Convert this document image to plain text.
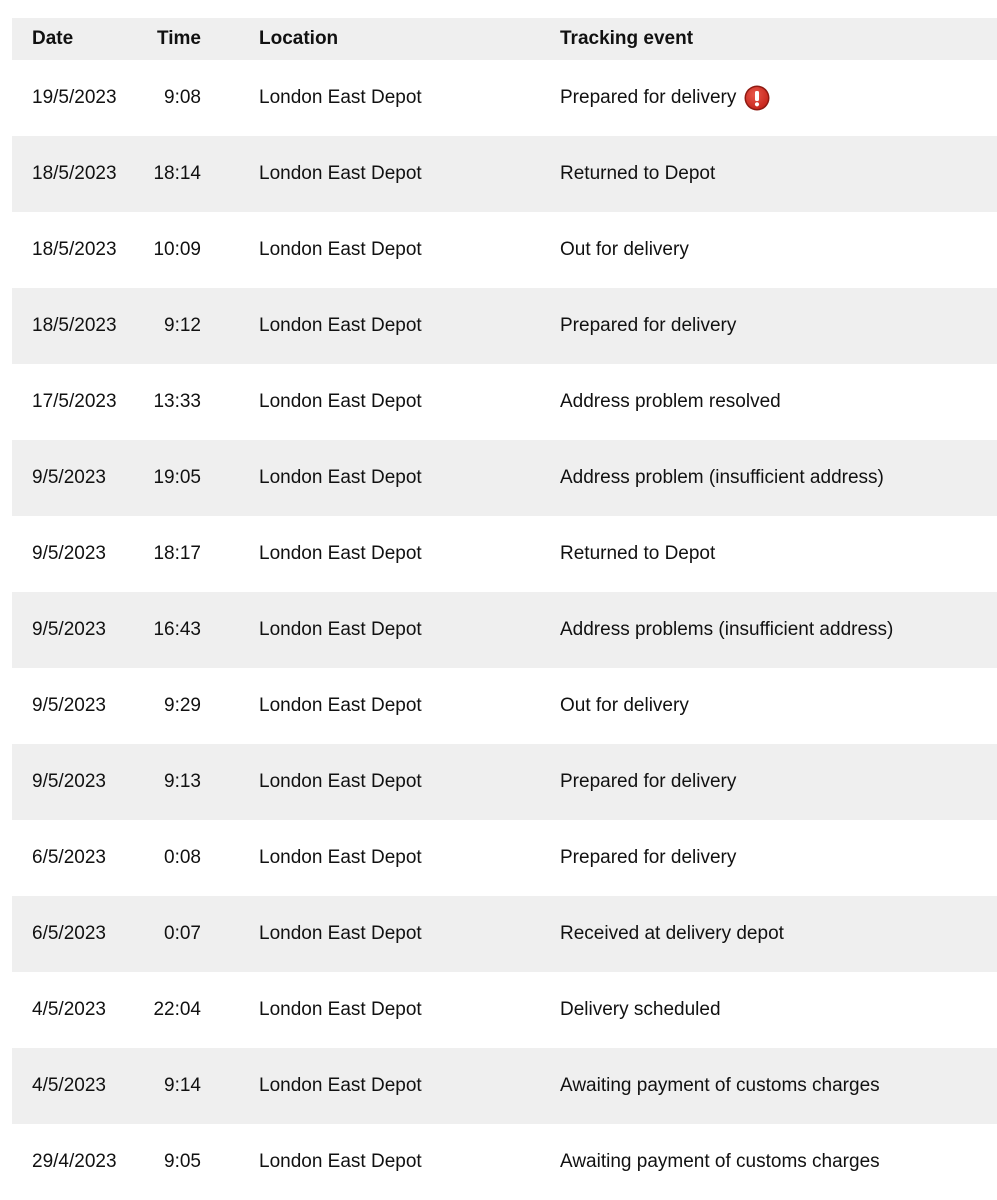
Date	Time	Location	Tracking event
19/5/2023	9:08	London East Depot	Prepared for delivery
18/5/2023	18:14	London East Depot	Returned to Depot
18/5/2023	10:09	London East Depot	Out for delivery
18/5/2023	9:12	London East Depot	Prepared for delivery
17/5/2023	13:33	London East Depot	Address problem resolved
9/5/2023	19:05	London East Depot	Address problem (insufficient address)
9/5/2023	18:17	London East Depot	Returned to Depot
9/5/2023	16:43	London East Depot	Address problems (insufficient address)
9/5/2023	9:29	London East Depot	Out for delivery
9/5/2023	9:13	London East Depot	Prepared for delivery
6/5/2023	0:08	London East Depot	Prepared for delivery
6/5/2023	0:07	London East Depot	Received at delivery depot
4/5/2023	22:04	London East Depot	Delivery scheduled
4/5/2023	9:14	London East Depot	Awaiting payment of customs charges
29/4/2023	9:05	London East Depot	Awaiting payment of customs charges
